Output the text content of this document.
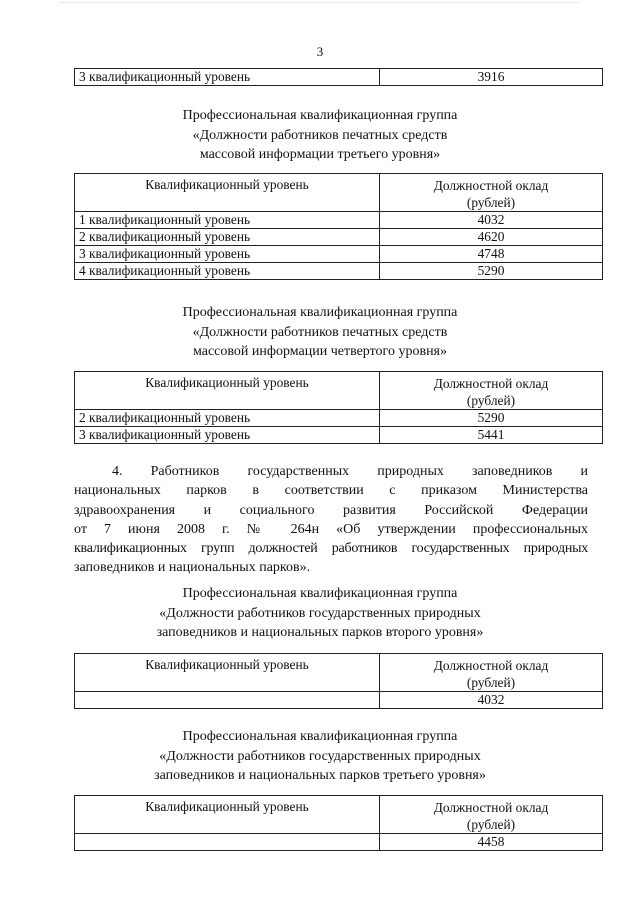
3
3 квалификационный уровень	3916
Профессиональная квалификационная группа
«Должности работников печатных средств
массовой информации третьего уровня»
Квалификационный уровень	Должностной оклад
(рублей)

1 квалификационный уровень	4032
2 квалификационный уровень	4620
3 квалификационный уровень	4748
4 квалификационный уровень	5290
Профессиональная квалификационная группа
«Должности работников печатных средств
массовой информации четвертого уровня»
Квалификационный уровень	Должностной оклад
(рублей)

2 квалификационный уровень	5290
3 квалификационный уровень	5441
4. Работников государственных природных заповедников и
национальных парков в соответствии с приказом Министерства
здравоохранения и социального развития Российской Федерации
от 7 июня 2008 г. № 264н «Об утверждении профессиональных
квалификационных групп должностей работников государственных природных
заповедников и национальных парков».
Профессиональная квалификационная группа
«Должности работников государственных природных
заповедников и национальных парков второго уровня»
Квалификационный уровень	Должностной оклад
(рублей)

	4032
Профессиональная квалификационная группа
«Должности работников государственных природных
заповедников и национальных парков третьего уровня»
Квалификационный уровень	Должностной оклад
(рублей)

	4458
